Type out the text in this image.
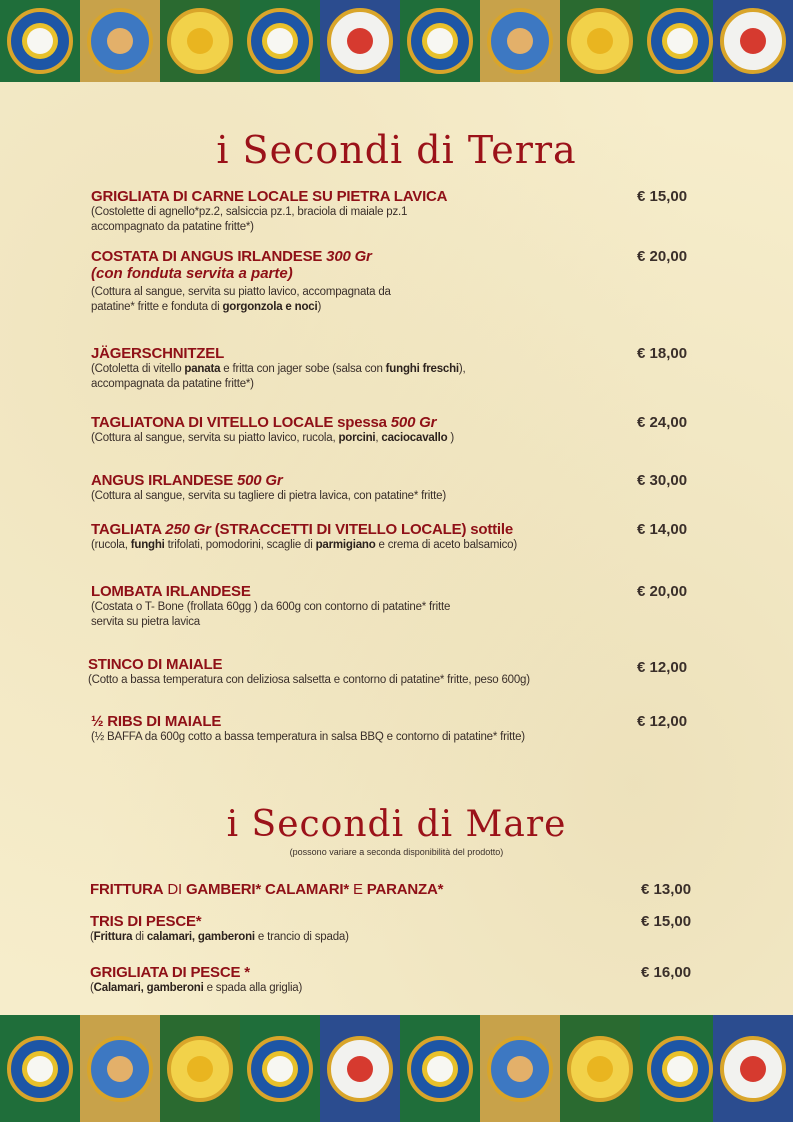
i Secondi di Terra
GRIGLIATA DI CARNE LOCALE SU PIETRA LAVICA
(Costolette di agnello*pz.2, salsiccia pz.1, braciola di maiale pz.1
accompagnato da patatine fritte*)
€ 15,00
COSTATA DI ANGUS IRLANDESE 300 Gr
(con fonduta servita a parte)
(Cottura al sangue, servita su piatto lavico, accompagnata da
patatine* fritte e fonduta di gorgonzola e noci)
€ 20,00
JÄGERSCHNITZEL
(Cotoletta di vitello panata e fritta con jager sobe (salsa con funghi freschi),
accompagnata da patatine fritte*)
€ 18,00
TAGLIATONA DI VITELLO LOCALE spessa 500 Gr
(Cottura al sangue, servita su piatto lavico, rucola, porcini, caciocavallo )
€ 24,00
ANGUS IRLANDESE 500 Gr
(Cottura al sangue, servita su tagliere di pietra lavica, con patatine* fritte)
€ 30,00
TAGLIATA 250 Gr (STRACCETTI DI VITELLO LOCALE) sottile
(rucola, funghi trifolati, pomodorini, scaglie di parmigiano e crema di aceto balsamico)
€ 14,00
LOMBATA IRLANDESE
(Costata o T- Bone (frollata 60gg ) da 600g con contorno di patatine* fritte
servita su pietra lavica
€ 20,00
STINCO DI MAIALE
(Cotto a bassa temperatura con deliziosa salsetta e contorno di patatine* fritte, peso 600g)
€ 12,00
½ RIBS DI MAIALE
(½ BAFFA da 600g cotto a bassa temperatura in salsa BBQ e contorno di patatine* fritte)
€ 12,00
i Secondi di Mare
(possono variare a seconda disponibilità del prodotto)
FRITTURA DI GAMBERI* CALAMARI* E PARANZA*	€ 13,00
TRIS DI PESCE*
(Frittura di calamari, gamberoni e trancio di spada)
€ 15,00
GRIGLIATA DI PESCE *
(Calamari, gamberoni e spada alla griglia)
€ 16,00
